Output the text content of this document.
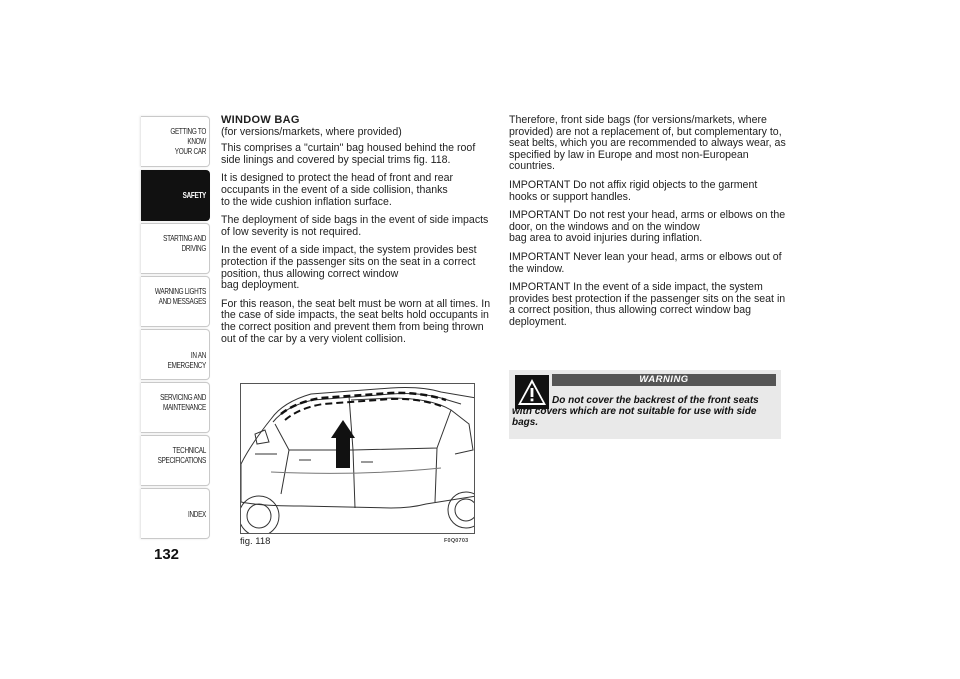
GETTING TO KNOW
YOUR CAR
SAFETY
STARTING AND
DRIVING
WARNING LIGHTS
AND MESSAGES
IN AN EMERGENCY
SERVICING AND
MAINTENANCE
TECHNICAL
SPECIFICATIONS
INDEX
132

WINDOW BAG

(for versions/markets, where provided)

This comprises a "curtain" bag housed behind the roof side linings and covered by special trims fig. 118.

It is designed to protect the head of front and rear occupants in the event of a side collision, thanks
to the wide cushion inflation surface.

The deployment of side bags in the event of side impacts of low severity is not required.

In the event of a side impact, the system provides best protection if the passenger sits on the seat in a correct position, thus allowing correct window
bag deployment.

For this reason, the seat belt must be worn at all times. In the case of side impacts, the seat belts hold occupants in the correct position and prevent them from being thrown out of the car by a very violent collision.

fig. 118	F0Q0703

Therefore, front side bags (for versions/markets, where provided) are not a replacement of, but complementary to, seat belts, which you are recommended to always wear, as specified by law in Europe and most non-European countries.

IMPORTANT Do not affix rigid objects to the garment hooks or support handles.

IMPORTANT Do not rest your head, arms or elbows on the door, on the windows and on the window
bag area to avoid injuries during inflation.

IMPORTANT Never lean your head, arms or elbows out of the window.

IMPORTANT In the event of a side impact, the system provides best protection if the passenger sits on the seat in a correct position, thus allowing correct window bag deployment.

WARNING
Do not cover the backrest of the front seats with covers which are not suitable for use with side bags.
